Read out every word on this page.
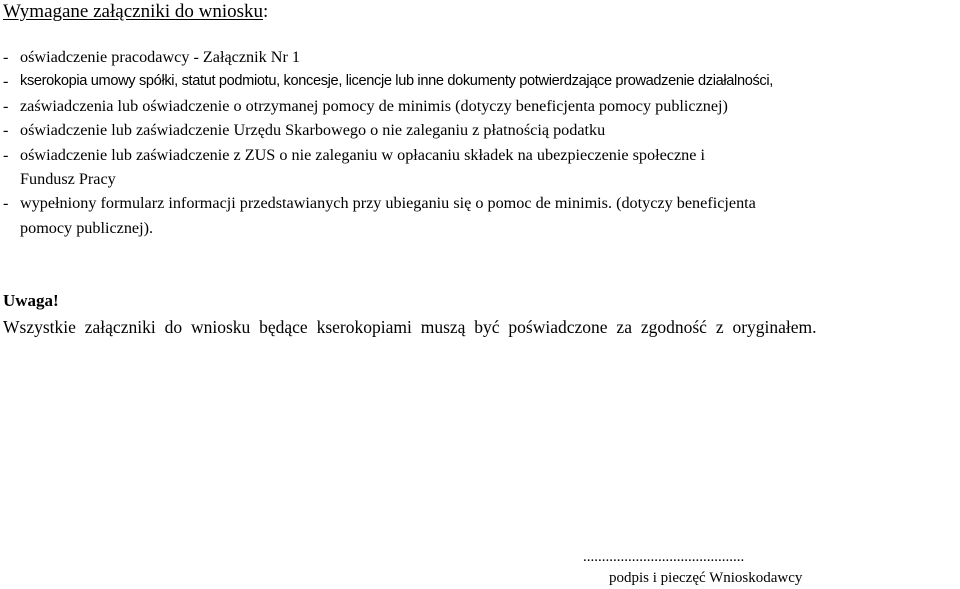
Wymagane załączniki do wniosku:
- oświadczenie pracodawcy - Załącznik Nr 1
- kserokopia umowy spółki, statut podmiotu, koncesje, licencje lub inne dokumenty potwierdzające prowadzenie działalności,
- zaświadczenia lub oświadczenie o otrzymanej pomocy de minimis (dotyczy beneficjenta pomocy publicznej)
- oświadczenie lub zaświadczenie Urzędu Skarbowego o nie zaleganiu z płatnością podatku
- oświadczenie lub zaświadczenie z ZUS o nie zaleganiu w opłacaniu składek na ubezpieczenie społeczne i
Fundusz Pracy
- wypełniony formularz informacji przedstawianych przy ubieganiu się o pomoc de minimis. (dotyczy beneficjenta
pomocy publicznej).
Uwaga!
Wszystkie załączniki do wniosku będące kserokopiami muszą być poświadczone za zgodność z oryginałem.
...........................................
podpis i pieczęć Wnioskodawcy
